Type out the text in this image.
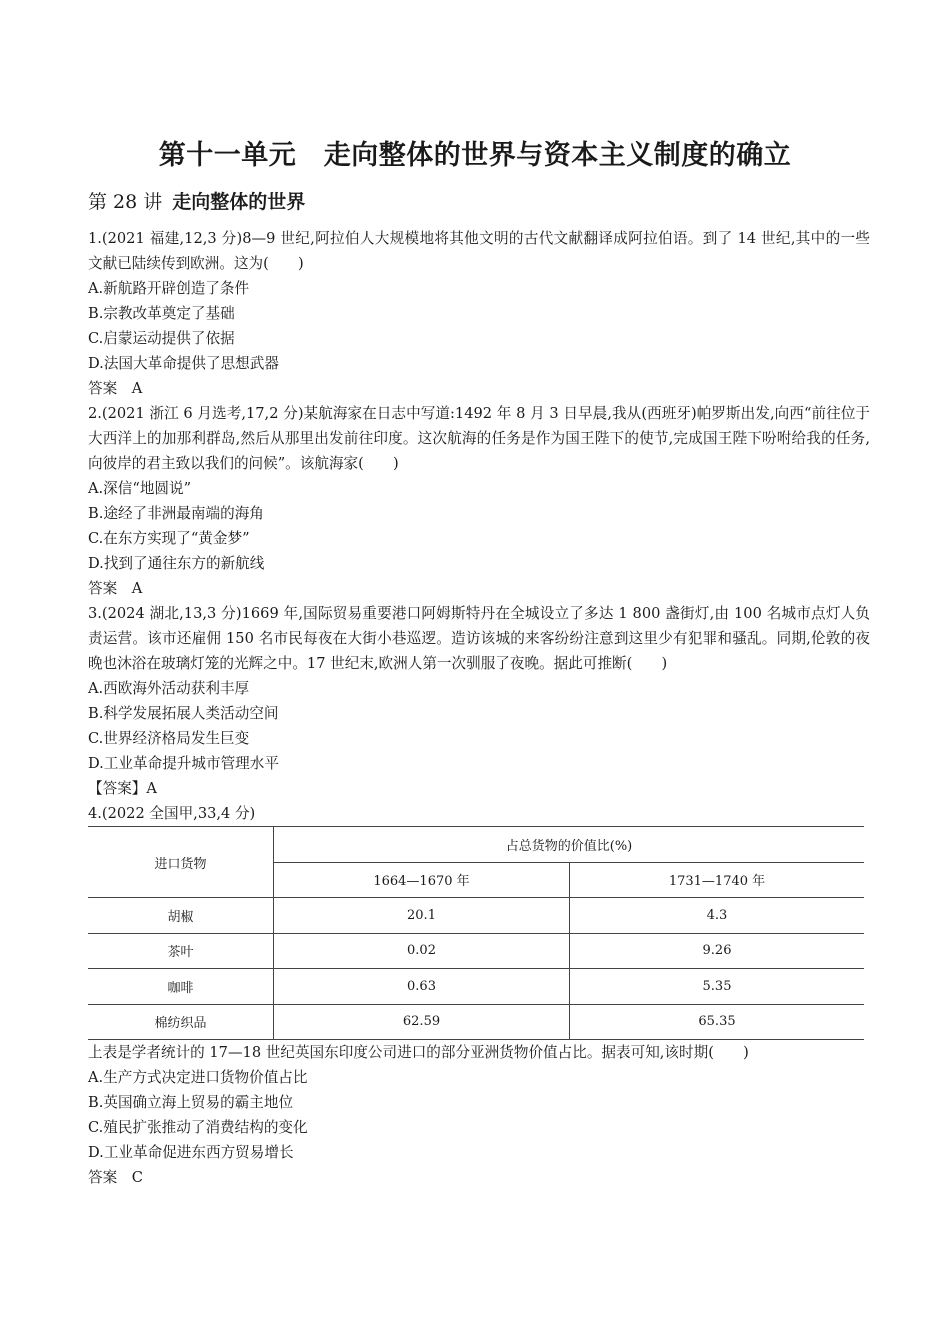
第十一单元　走向整体的世界与资本主义制度的确立
第 28 讲 走向整体的世界

1.(2021 福建,12,3 分)8—9 世纪,阿拉伯人大规模地将其他文明的古代文献翻译成阿拉伯语。到了 14 世纪,其中的一些文献已陆续传到欧洲。这为(　　)

A.新航路开辟创造了条件
B.宗教改革奠定了基础
C.启蒙运动提供了依据
D.法国大革命提供了思想武器
答案　A

2.(2021 浙江 6 月选考,17,2 分)某航海家在日志中写道:1492 年 8 月 3 日早晨,我从(西班牙)帕罗斯出发,向西“前往位于大西洋上的加那利群岛,然后从那里出发前往印度。这次航海的任务是作为国王陛下的使节,完成国王陛下吩咐给我的任务,向彼岸的君主致以我们的问候”。该航海家(　　)

A.深信“地圆说”
B.途经了非洲最南端的海角
C.在东方实现了“黄金梦”
D.找到了通往东方的新航线
答案　A

3.(2024 湖北,13,3 分)1669 年,国际贸易重要港口阿姆斯特丹在全城设立了多达 1 800 盏街灯,由 100 名城市点灯人负责运营。该市还雇佣 150 名市民每夜在大街小巷巡逻。造访该城的来客纷纷注意到这里少有犯罪和骚乱。同期,伦敦的夜晚也沐浴在玻璃灯笼的光辉之中。17 世纪末,欧洲人第一次驯服了夜晚。据此可推断(　　)

A.西欧海外活动获利丰厚
B.科学发展拓展人类活动空间
C.世界经济格局发生巨变
D.工业革命提升城市管理水平
【答案】A
4.(2022 全国甲,33,4 分)
进口货物	占总货物的价值比(%)	
	1664—1670 年	1731—1740 年
胡椒	20.1	4.3
茶叶	0.02	9.26
咖啡	0.63	5.35
棉纺织品	62.59	65.35

上表是学者统计的 17—18 世纪英国东印度公司进口的部分亚洲货物价值占比。据表可知,该时期(　　)

A.生产方式决定进口货物价值占比
B.英国确立海上贸易的霸主地位
C.殖民扩张推动了消费结构的变化
D.工业革命促进东西方贸易增长
答案　C
